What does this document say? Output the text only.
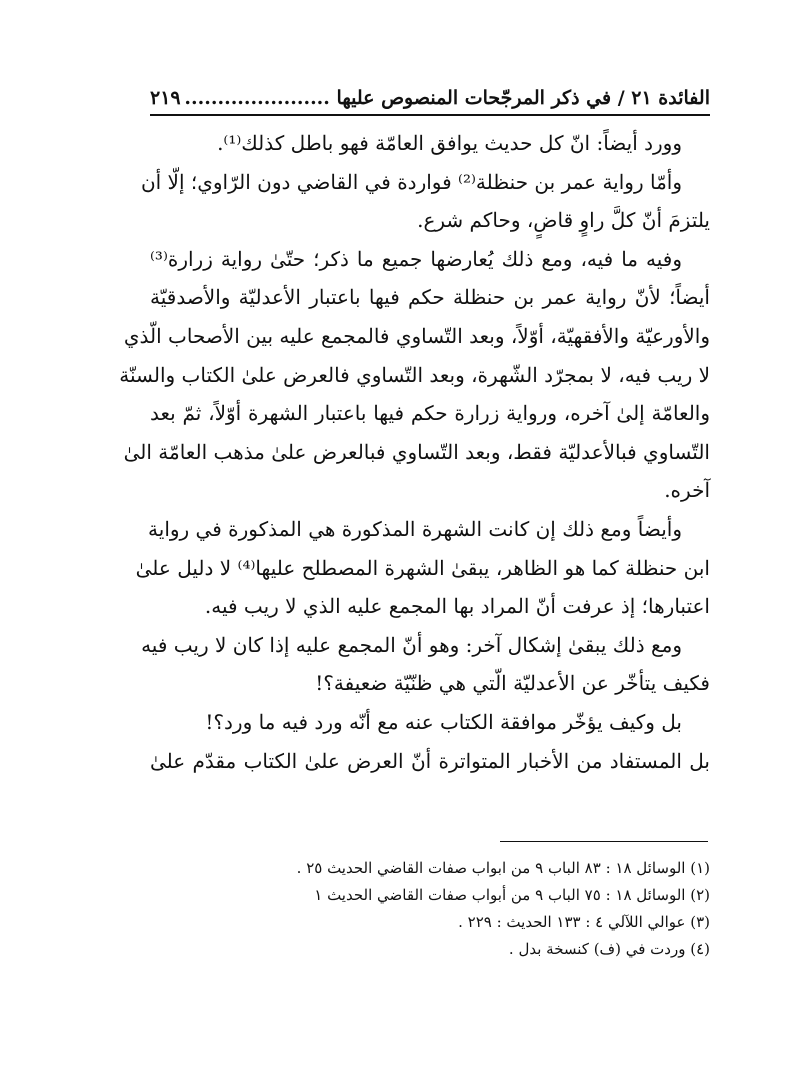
الفائدة ٢١ / في ذكر المرجّحات المنصوص عليها ......................
٢١٩
وورد أيضاً: انّ كل حديث يوافق العامّة فهو باطل كذلك⁽¹⁾.
وأمّا رواية عمر بن حنظلة⁽²⁾ فواردة في القاضي دون الرّاوي؛ إلّا أن
يلتزمَ أنّ كلَّ راوٍ قاضٍ، وحاكم شرع.
وفيه ما فيه، ومع ذلك يُعارضها جميع ما ذكر؛ حتّىٰ رواية زرارة⁽³⁾
أيضاً؛ لأنّ رواية عمر بن حنظلة حكم فيها باعتبار الأعدليّة والأصدقيّة
والأورعيّة والأفقهيّة، أوّلاً، وبعد التّساوي فالمجمع عليه بين الأصحاب الّذي
لا ريب فيه، لا بمجرّد الشّهرة، وبعد التّساوي فالعرض علىٰ الكتاب والسنّة
والعامّة إلىٰ آخره، ورواية زرارة حكم فيها باعتبار الشهرة أوّلاً، ثمّ بعد
التّساوي فبالأعدليّة فقط، وبعد التّساوي فبالعرض علىٰ مذهب العامّة الىٰ
آخره.
وأيضاً ومع ذلك إن كانت الشهرة المذكورة هي المذكورة في رواية
ابن حنظلة كما هو الظاهر، يبقىٰ الشهرة المصطلح عليها⁽⁴⁾ لا دليل علىٰ
اعتبارها؛ إذ عرفت أنّ المراد بها المجمع عليه الذي لا ريب فيه.
ومع ذلك يبقىٰ إشكال آخر: وهو أنّ المجمع عليه إذا كان لا ريب فيه
فكيف يتأخّر عن الأعدليّة الّتي هي ظنّيّة ضعيفة؟!
بل وكيف يؤخّر موافقة الكتاب عنه مع أنّه ورد فيه ما ورد؟!
بل المستفاد من الأخبار المتواترة أنّ العرض علىٰ الكتاب مقدّم علىٰ
(١) الوسائل ١٨ : ٨٣ الباب ٩ من ابواب صفات القاضي الحديث ٢٥ .
(٢) الوسائل ١٨ : ٧٥ الباب ٩ من أبواب صفات القاضي الحديث ١
(٣) عوالي اللآلي ٤ : ١٣٣ الحديث : ٢٢٩ .
(٤) وردت في (ف) كنسخة بدل .
